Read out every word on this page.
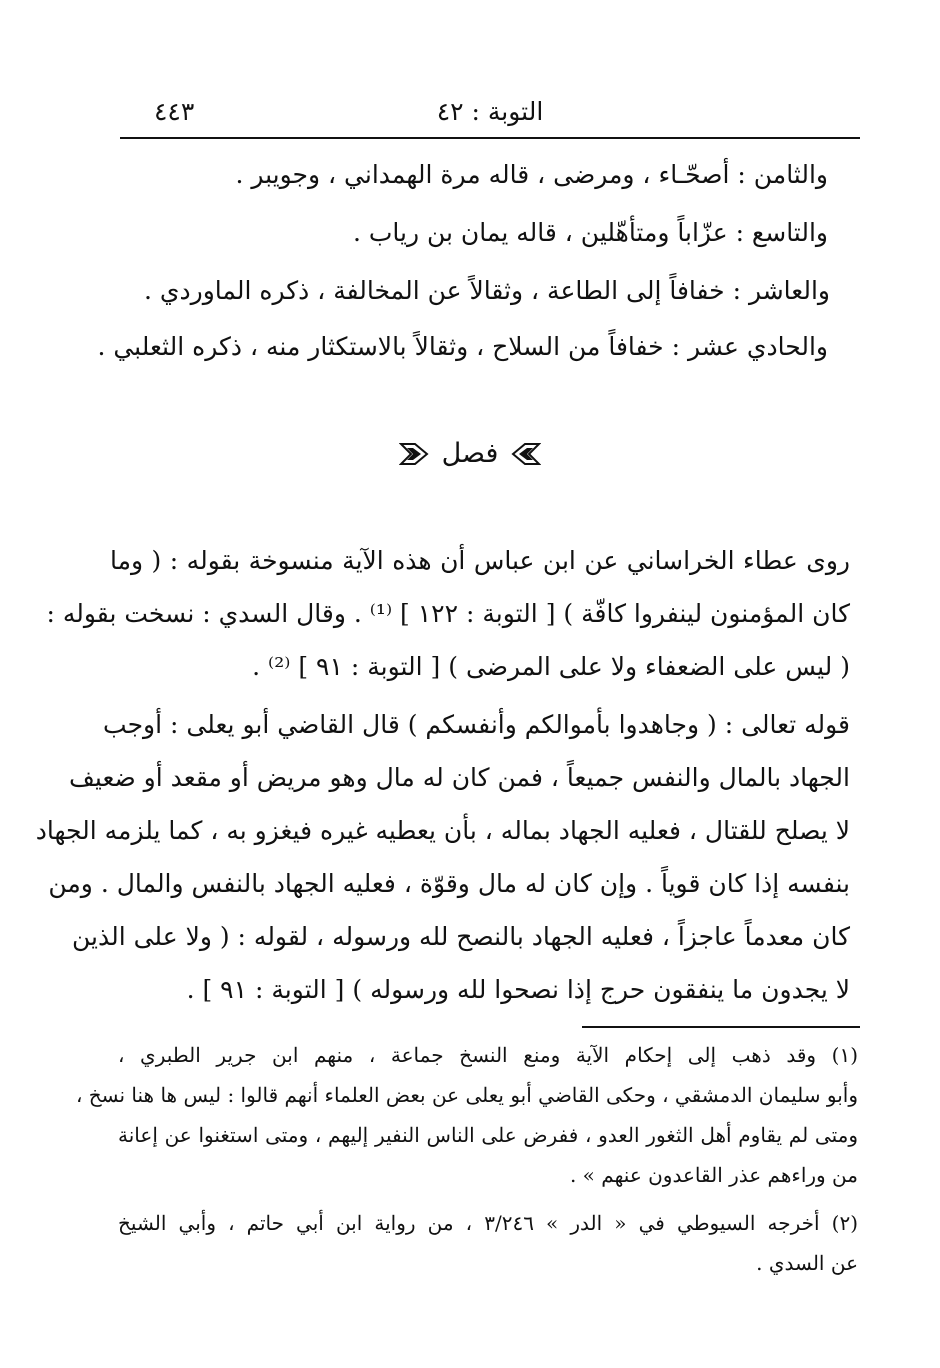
التوبة : ٤٢
٤٤٣
والثامن : أصحّـاء ، ومرضى ، قاله مرة الهمداني ، وجويبر .
والتاسع : عزّاباً ومتأهّلين ، قاله يمان بن رياب .
والعاشر : خفافاً إلى الطاعة ، وثقالاً عن المخالفة ، ذكره الماوردي .
والحادي عشر : خفافاً من السلاح ، وثقالاً بالاستكثار منه ، ذكره الثعلبي .
فصل
روى عطاء الخراساني عن ابن عباس أن هذه الآية منسوخة بقوله : ( وما
كان المؤمنون لينفروا كافّة ) [ التوبة : ١٢٢ ] ⁽¹⁾ . وقال السدي : نسخت بقوله :
( ليس على الضعفاء ولا على المرضى ) [ التوبة : ٩١ ] ⁽²⁾ .
قوله تعالى : ( وجاهدوا بأموالكم وأنفسكم ) قال القاضي أبو يعلى : أوجب
الجهاد بالمال والنفس جميعاً ، فمن كان له مال وهو مريض أو مقعد أو ضعيف
لا يصلح للقتال ، فعليه الجهاد بماله ، بأن يعطيه غيره فيغزو به ، كما يلزمه الجهاد
بنفسه إذا كان قوياً . وإن كان له مال وقوّة ، فعليه الجهاد بالنفس والمال . ومن
كان معدماً عاجزاً ، فعليه الجهاد بالنصح لله ورسوله ، لقوله : ( ولا على الذين
لا يجدون ما ينفقون حرج إذا نصحوا لله ورسوله ) [ التوبة : ٩١ ] .
(١) وقد ذهب إلى إحكام الآية ومنع النسخ جماعة ، منهم ابن جرير الطبري ،
وأبو سليمان الدمشقي ، وحكى القاضي أبو يعلى عن بعض العلماء أنهم قالوا : ليس ها هنا نسخ ،
ومتى لم يقاوم أهل الثغور العدو ، ففرض على الناس النفير إليهم ، ومتى استغنوا عن إعانة
من وراءهم عذر القاعدون عنهم » .
(٢) أخرجه السيوطي في « الدر » ٣/٢٤٦ ، من رواية ابن أبي حاتم ، وأبي الشيخ
عن السدي .
